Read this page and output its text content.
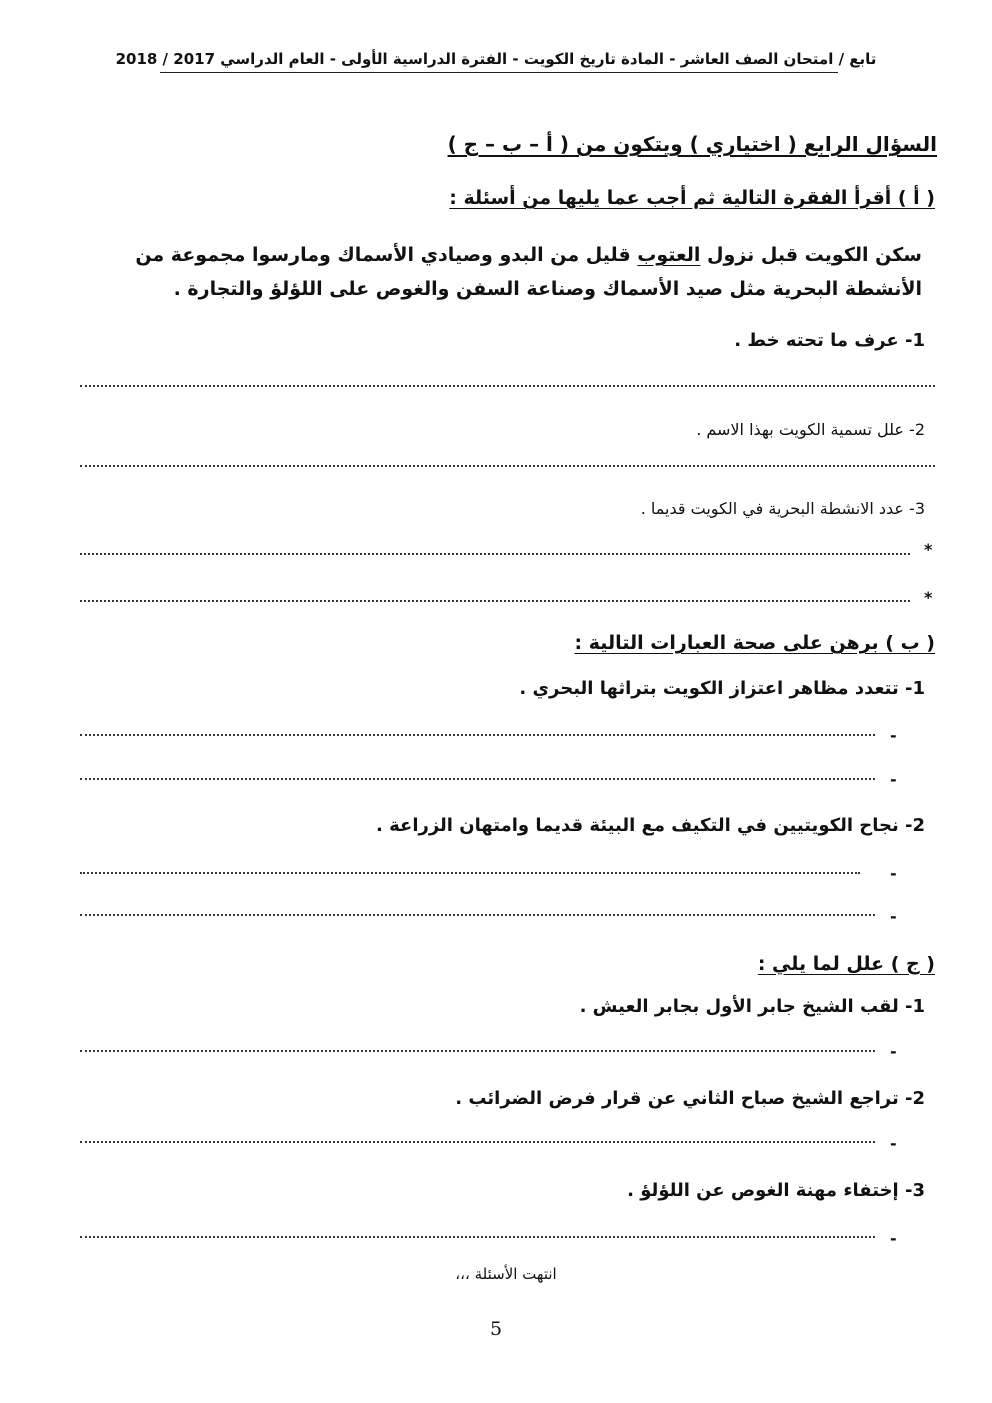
تابع / امتحان الصف العاشر - المادة تاريخ الكويت - الفترة الدراسية الأولى - العام الدراسي 2017 / 2018
السؤال الرابع ( اختياري ) ويتكون من ( أ – ب – ج )
( أ ) أقرأ الفقرة التالية ثم أجب عما يليها من أسئلة :
سكن الكويت قبل نزول العتوب قليل من البدو وصيادي الأسماك ومارسوا مجموعة من الأنشطة البحرية مثل صيد الأسماك وصناعة السفن والغوص على اللؤلؤ والتجارة .
1- عرف ما تحته خط .
2- علل تسمية الكويت بهذا الاسم .
3- عدد الانشطة البحرية في الكويت قديما .
*
*
( ب ) برهن على صحة العبارات التالية :
1- تتعدد مظاهر اعتزاز الكويت بتراثها البحري .
-
-
2- نجاح الكويتيين في التكيف مع البيئة قديما وامتهان الزراعة .
-
-
( ج ) علل لما يلي :
1- لقب الشيخ جابر الأول بجابر العيش .
-
2- تراجع الشيخ صباح الثاني عن قرار فرض الضرائب .
-
3- إختفاء مهنة الغوص عن اللؤلؤ .
-
انتهت الأسئلة ،،،
5
